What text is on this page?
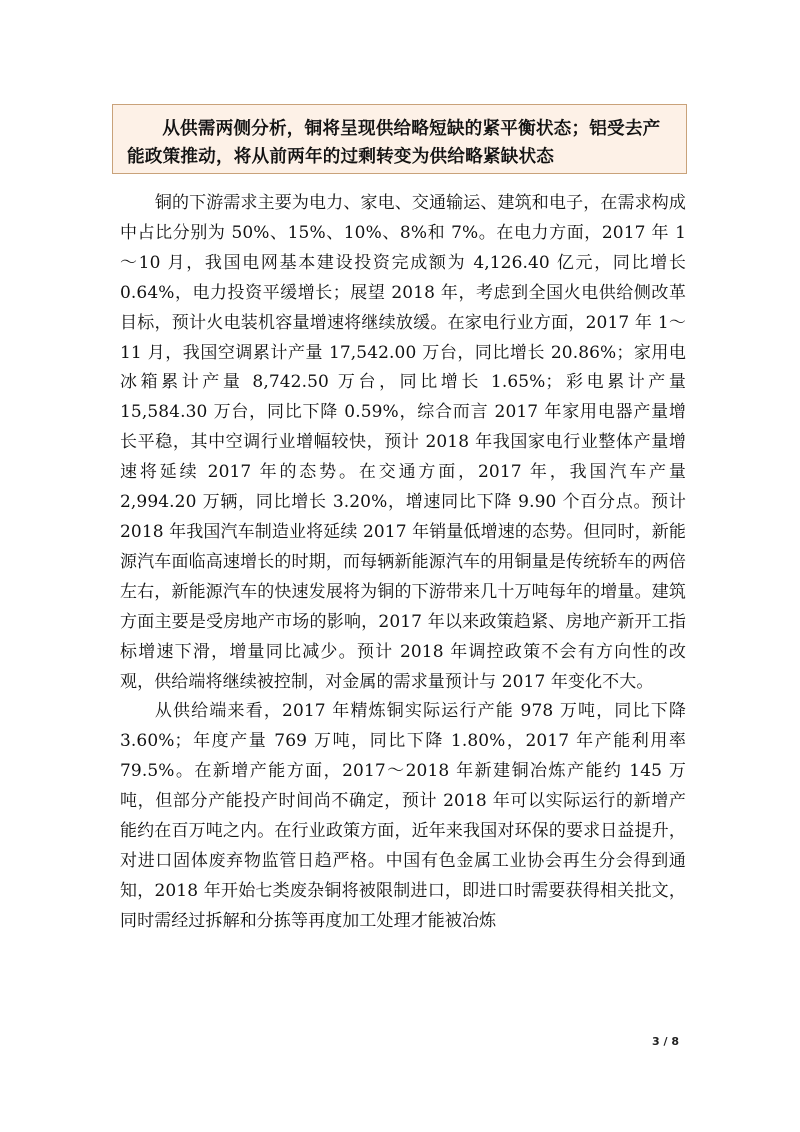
从供需两侧分析，铜将呈现供给略短缺的紧平衡状态；铝受去产能政策推动，将从前两年的过剩转变为供给略紧缺状态

铜的下游需求主要为电力、家电、交通输运、建筑和电子，在需求构成中占比分别为 50%、15%、10%、8%和 7%。在电力方面，2017 年 1～10 月，我国电网基本建设投资完成额为 4,126.40 亿元，同比增长 0.64%，电力投资平缓增长；展望 2018 年，考虑到全国火电供给侧改革目标，预计火电装机容量增速将继续放缓。在家电行业方面，2017 年 1～11 月，我国空调累计产量 17,542.00 万台，同比增长 20.86%；家用电冰箱累计产量 8,742.50 万台，同比增长 1.65%；彩电累计产量 15,584.30 万台，同比下降 0.59%，综合而言 2017 年家用电器产量增长平稳，其中空调行业增幅较快，预计 2018 年我国家电行业整体产量增速将延续 2017 年的态势。在交通方面，2017 年，我国汽车产量 2,994.20 万辆，同比增长 3.20%，增速同比下降 9.90 个百分点。预计 2018 年我国汽车制造业将延续 2017 年销量低增速的态势。但同时，新能源汽车面临高速增长的时期，而每辆新能源汽车的用铜量是传统轿车的两倍左右，新能源汽车的快速发展将为铜的下游带来几十万吨每年的增量。建筑方面主要是受房地产市场的影响，2017 年以来政策趋紧、房地产新开工指标增速下滑，增量同比减少。预计 2018 年调控政策不会有方向性的改观，供给端将继续被控制，对金属的需求量预计与 2017 年变化不大。

从供给端来看，2017 年精炼铜实际运行产能 978 万吨，同比下降 3.60%；年度产量 769 万吨，同比下降 1.80%，2017 年产能利用率 79.5%。在新增产能方面，2017～2018 年新建铜冶炼产能约 145 万吨，但部分产能投产时间尚不确定，预计 2018 年可以实际运行的新增产能约在百万吨之内。在行业政策方面，近年来我国对环保的要求日益提升，对进口固体废弃物监管日趋严格。中国有色金属工业协会再生分会得到通知，2018 年开始七类废杂铜将被限制进口，即进口时需要获得相关批文，同时需经过拆解和分拣等再度加工处理才能被冶炼

3 / 8
